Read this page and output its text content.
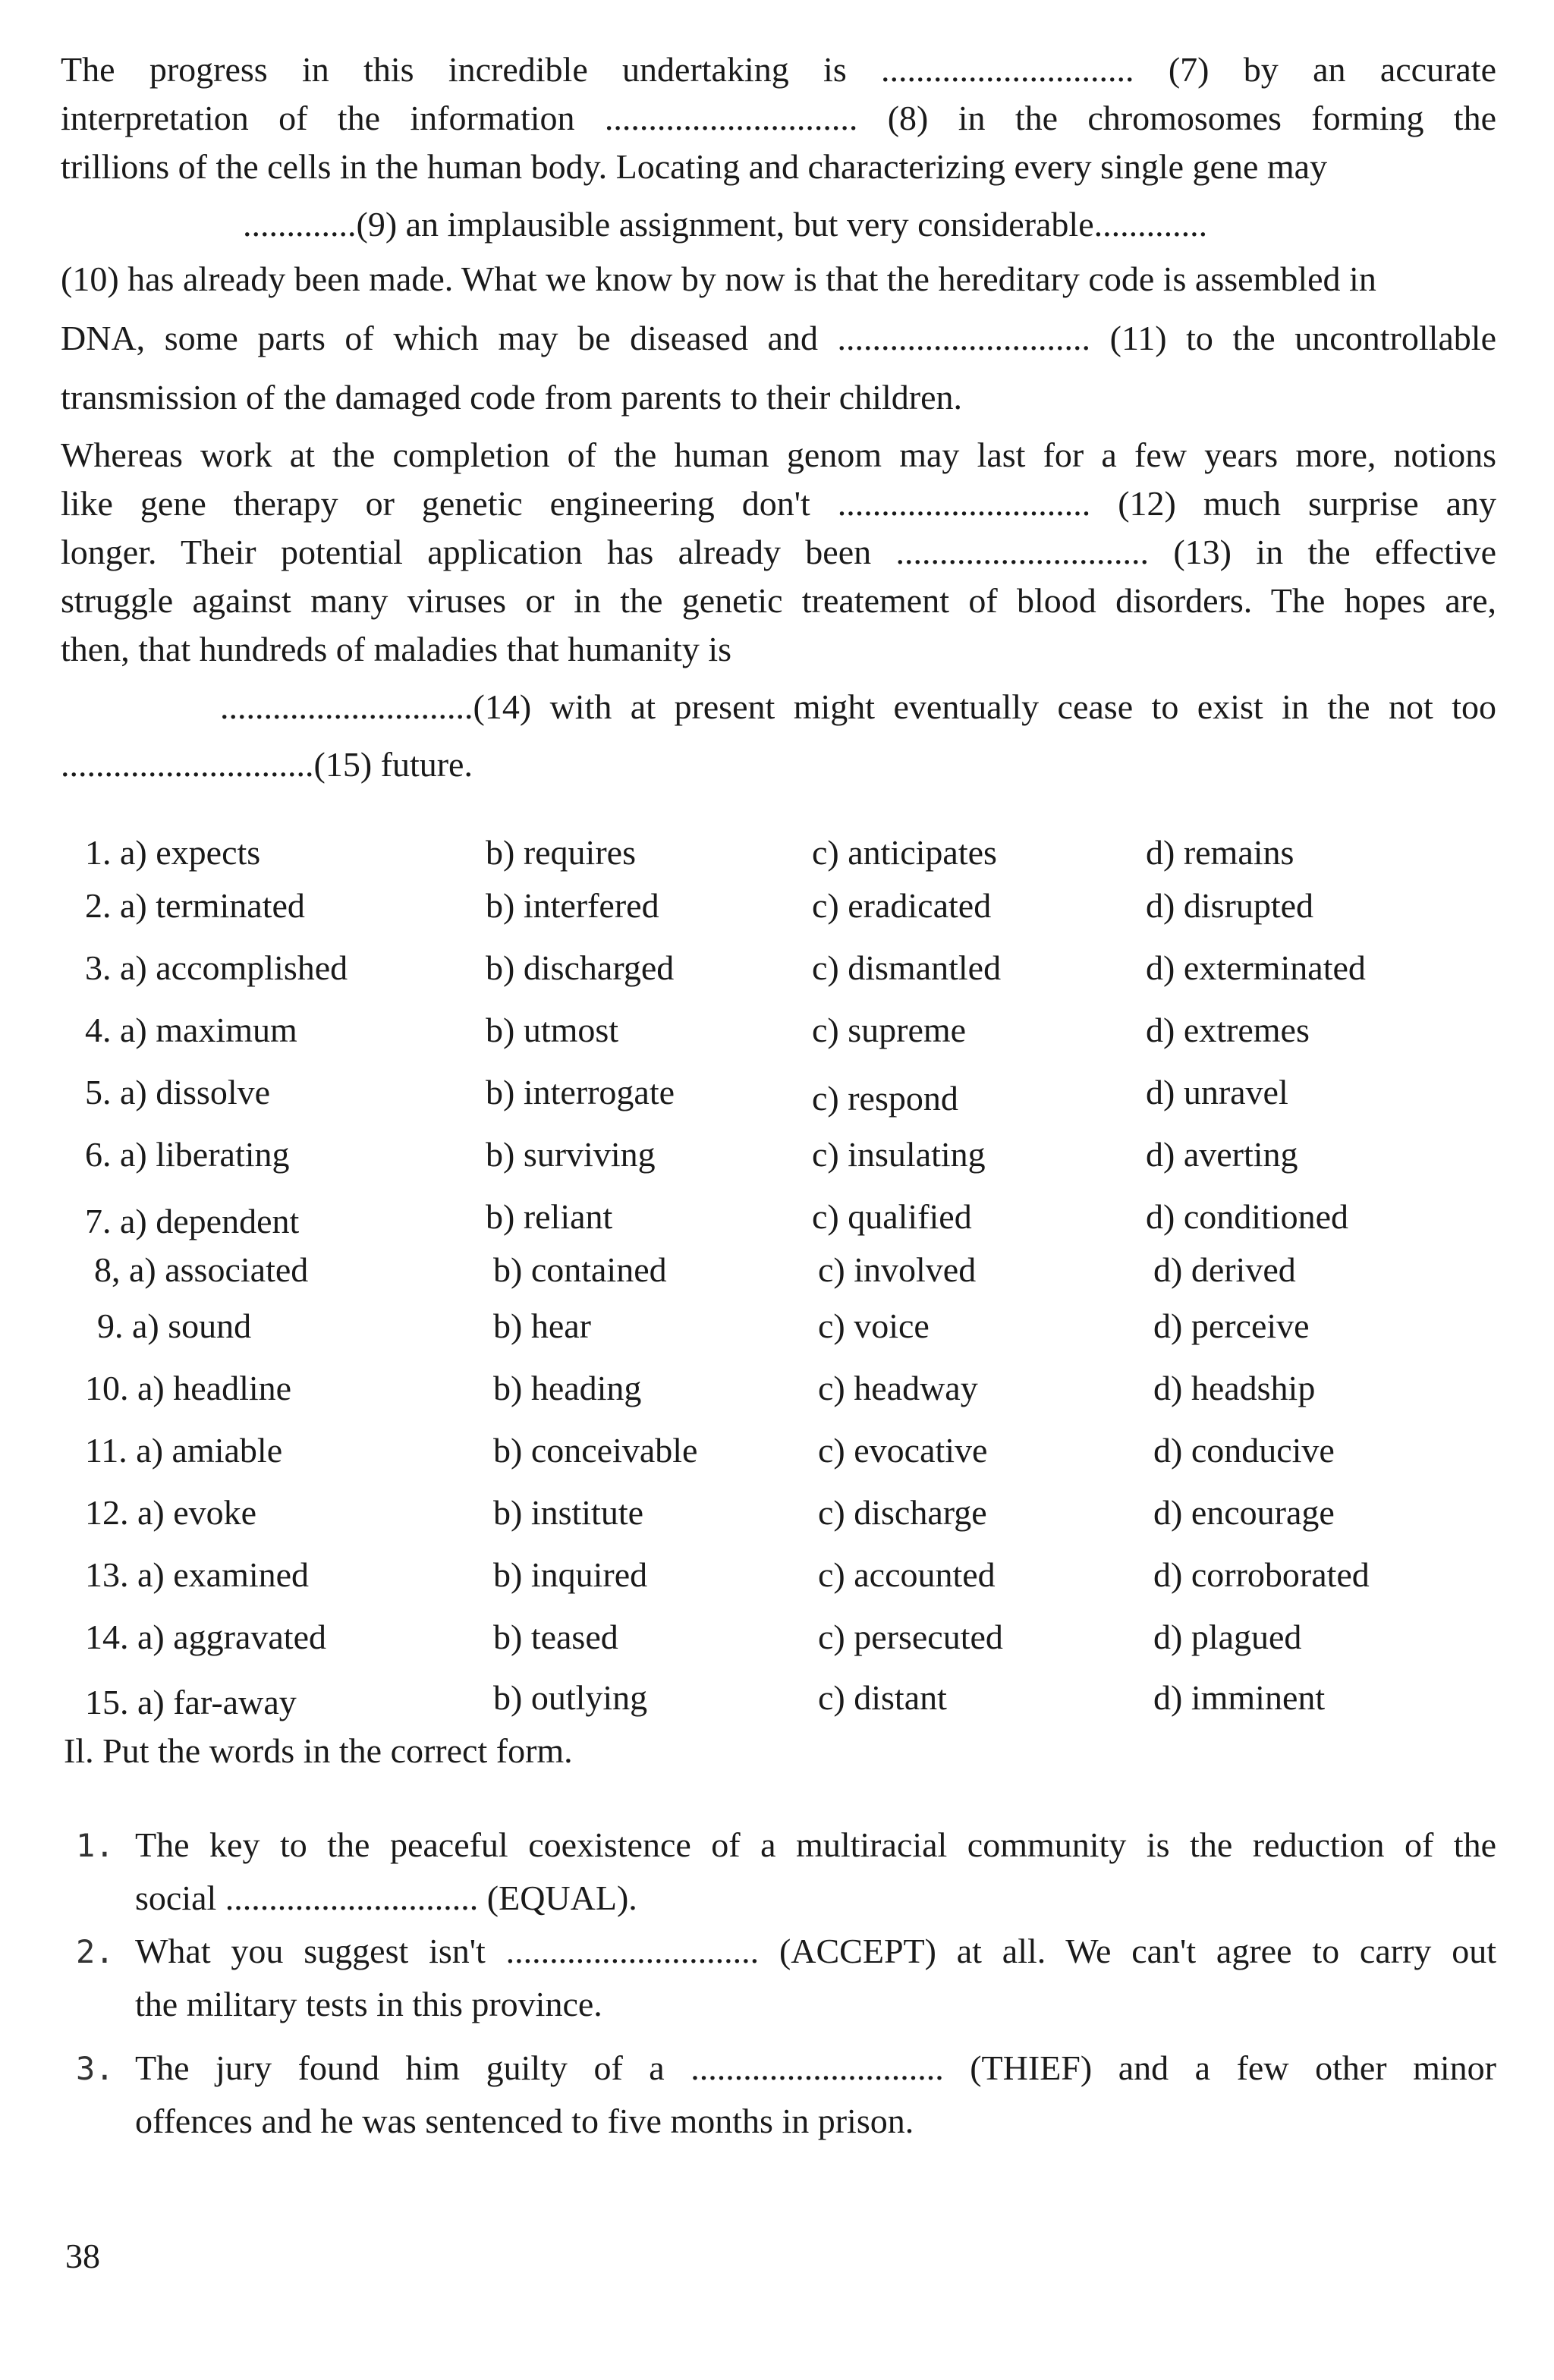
The progress in this incredible undertaking is ............................. (7) by an accurate
interpretation of the information ............................. (8) in the chromosomes forming the
trillions of the cells in the human body. Locating and characterizing every single gene may
.............(9) an implausible assignment, but very considerable.............
(10) has already been made. What we know by now is that the hereditary code is assembled in
DNA, some parts of which may be diseased and ............................. (11) to the uncontrollable
transmission of the damaged code from parents to their children.
Whereas work at the completion of the human genom may last for a few years more, notions
like gene therapy or genetic engineering don't ............................. (12) much surprise any
longer. Their potential application has already been ............................. (13) in the effective
struggle against many viruses or in the genetic treatement of blood disorders. The hopes are,
then, that hundreds of maladies that humanity is
.............................(14) with at present might eventually cease to exist in the not too
.............................(15) future.
1. a) expects	b) requires	c) anticipates	d) remains
2. a) terminated	b) interfered	c) eradicated	d) disrupted
3. a) accomplished	b) discharged	c) dismantled	d) exterminated
4. a) maximum	b) utmost	c) supreme	d) extremes
5. a) dissolve	b) interrogate	c) respond	d) unravel
6. a) liberating	b) surviving	c) insulating	d) averting
7. a) dependent	b) reliant	c) qualified	d) conditioned
8, a) associated	b) contained	c) involved	d) derived
9. a) sound	b) hear	c) voice	d) perceive
10. a) headline	b) heading	c) headway	d) headship
11. a) amiable	b) conceivable	c) evocative	d) conducive
12. a) evoke	b) institute	c) discharge	d) encourage
13. a) examined	b) inquired	c) accounted	d) corroborated
14. a) aggravated	b) teased	c) persecuted	d) plagued
15. a) far-away	b) outlying	c) distant	d) imminent
Il. Put the words in the correct form.
1. The key to the peaceful coexistence of a multiracial community is the reduction of the
social ............................. (EQUAL).
2. What you suggest isn't ............................. (ACCEPT) at all. We can't agree to carry out
the military tests in this province.
3. The jury found him guilty of a ............................. (THIEF) and a few other minor
offences and he was sentenced to five months in prison.
38
